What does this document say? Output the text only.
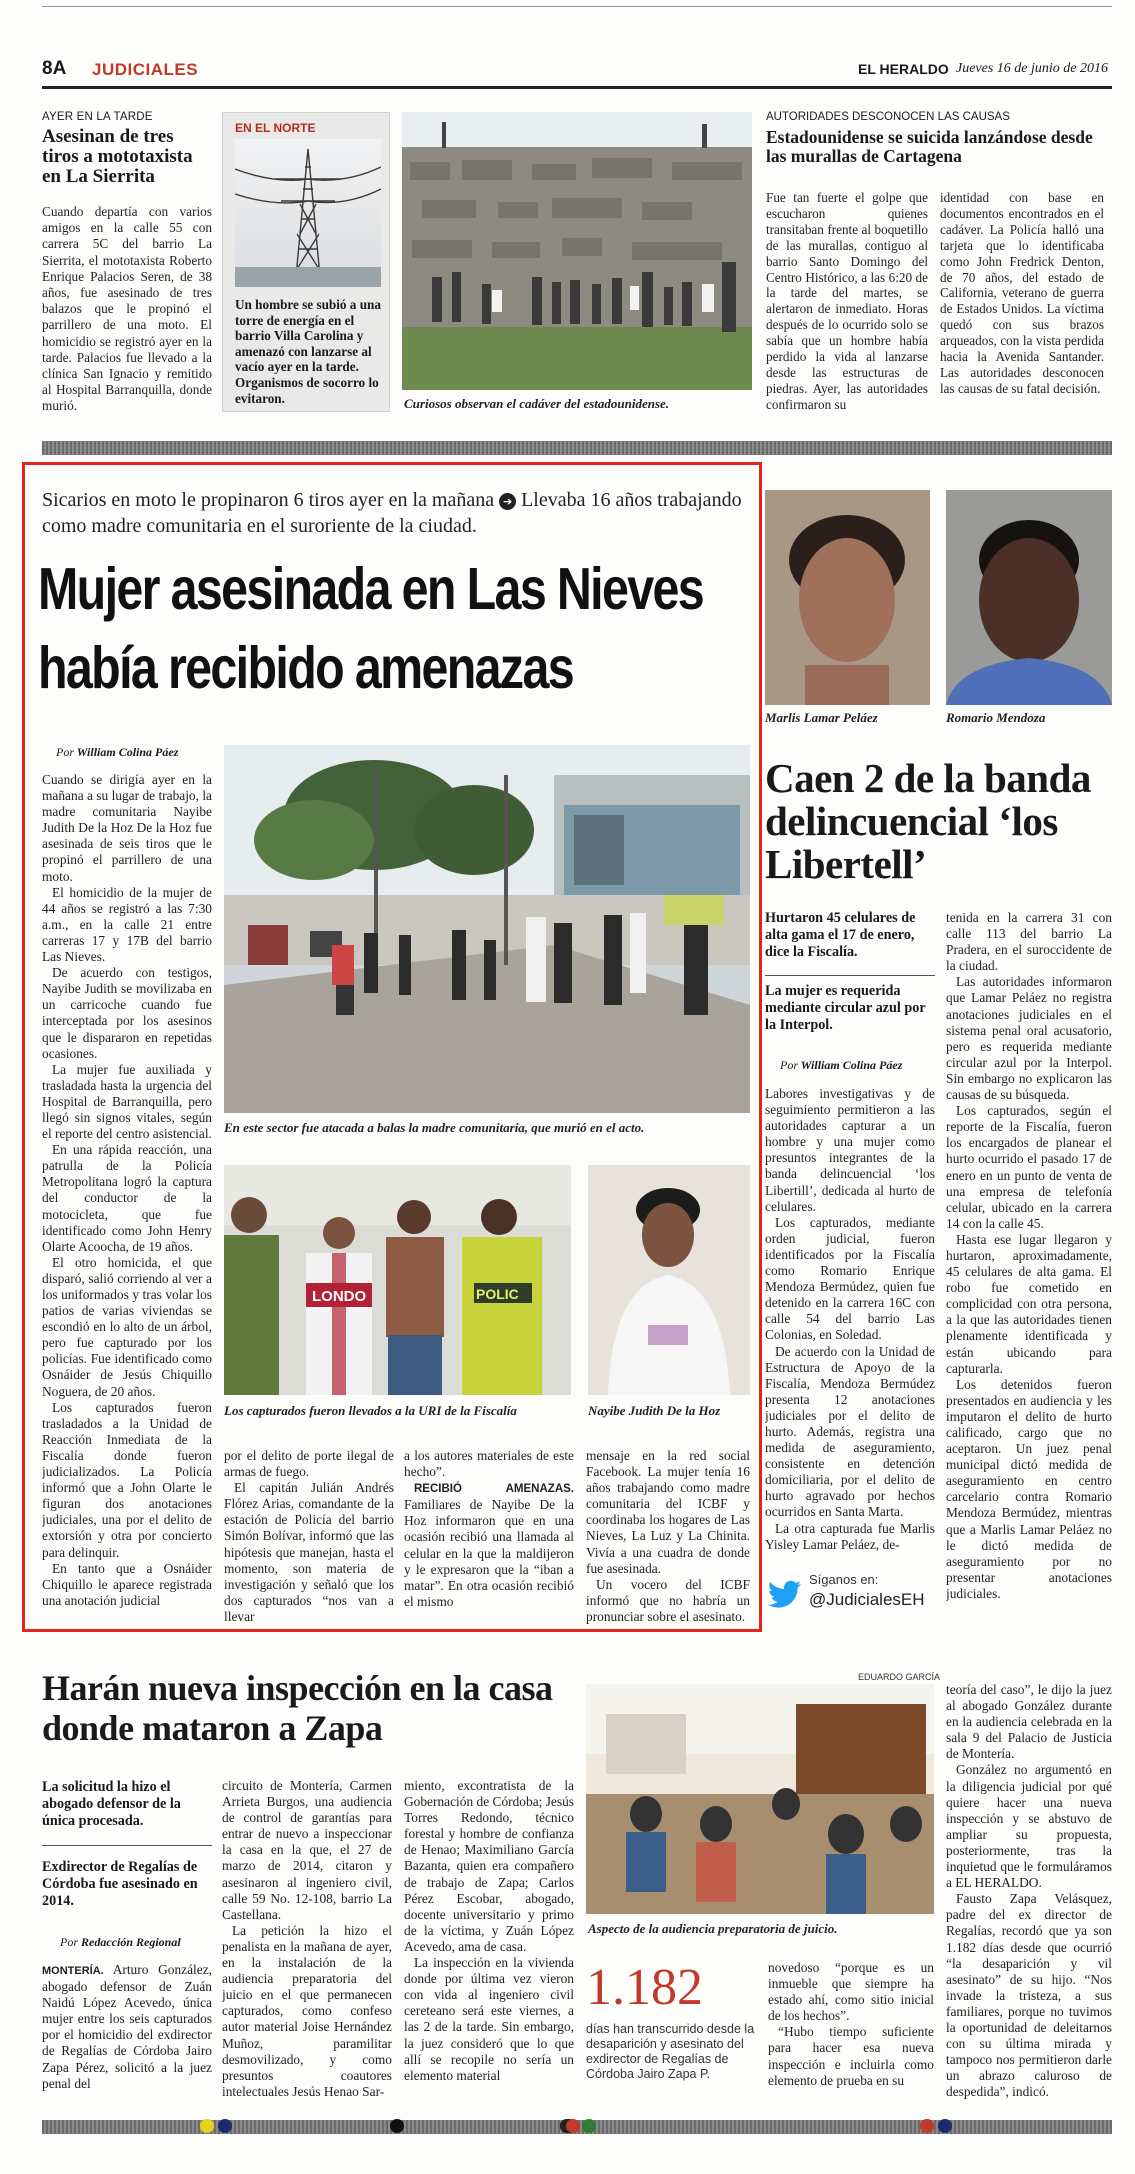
8A JUDICIALES	EL HERALDO Jueves 16 de junio de 2016
AYER EN LA TARDE
Asesinan de tres tiros a mototaxista en La Sierrita
Cuando departía con varios amigos en la calle 55 con carrera 5C del barrio La Sierrita, el mototaxista Roberto Enrique Palacios Seren, de 38 años, fue asesinado de tres balazos que le propinó el parrillero de una moto. El homicidio se registró ayer en la tarde. Palacios fue llevado a la clínica San Ignacio y remitido al Hospital Barranquilla, donde murió.
EN EL NORTE
Un hombre se subió a una torre de energía en el barrio Villa Carolina y amenazó con lanzarse al vacío ayer en la tarde. Organismos de socorro lo evitaron.	Curiosos observan el cadáver del estadounidense.
AUTORIDADES DESCONOCEN LAS CAUSAS
Estadounidense se suicida lanzándose desde las murallas de Cartagena
Fue tan fuerte el golpe que escucharon quienes transitaban frente al boquetillo de las murallas, contiguo al barrio Santo Domingo del Centro Histórico, a las 6:20 de la tarde del martes, se alertaron de inmediato. Horas después de lo ocurrido solo se sabía que un hombre había perdido la vida al lanzarse desde las estructuras de piedras. Ayer, las autoridades confirmaron su
identidad con base en documentos encontrados en el cadáver. La Policía halló una tarjeta que lo identificaba como John Fredrick Denton, de 70 años, del estado de California, veterano de guerra de Estados Unidos. La víctima quedó con sus brazos arqueados, con la vista perdida hacia la Avenida Santander. Las autoridades desconocen las causas de su fatal decisión.
Sicarios en moto le propinaron 6 tiros ayer en la mañana ➔ Llevaba 16 años trabajando como madre comunitaria en el suroriente de la ciudad.
Mujer asesinada en Las Nieves
había recibido amenazas
Por William Colina Páez

Cuando se dirigía ayer en la mañana a su lugar de trabajo, la madre comunitaria Nayibe Judith De la Hoz De la Hoz fue asesinada de seis tiros que le propinó el parrillero de una moto.

El homicidio de la mujer de 44 años se registró a las 7:30 a.m., en la calle 21 entre carreras 17 y 17B del barrio Las Nieves.

De acuerdo con testigos, Nayibe Judith se movilizaba en un carricoche cuando fue interceptada por los asesinos que le dispararon en repetidas ocasiones.

La mujer fue auxiliada y trasladada hasta la urgencia del Hospital de Barranquilla, pero llegó sin signos vitales, según el reporte del centro asistencial.

En una rápida reacción, una patrulla de la Policía Metropolitana logró la captura del conductor de la motocicleta, que fue identificado como John Henry Olarte Acoocha, de 19 años.

El otro homicida, el que disparó, salió corriendo al ver a los uniformados y tras volar los patios de varias viviendas se escondió en lo alto de un árbol, pero fue capturado por los policías. Fue identificado como Osnáider de Jesús Chiquillo Noguera, de 20 años.

Los capturados fueron trasladados a la Unidad de Reacción Inmediata de la Fiscalía donde fueron judicializados. La Policía informó que a John Olarte le figuran dos anotaciones judiciales, una por el delito de extorsión y otra por concierto para delinquir.

En tanto que a Osnáider Chiquillo le aparece registrada una anotación judicial

En este sector fue atacada a balas la madre comunitaria, que murió en el acto.
LONDO	POLIC
Los capturados fueron llevados a la URI de la Fiscalía	Nayibe Judith De la Hoz

por el delito de porte ilegal de armas de fuego.

El capitán Julián Andrés Flórez Arias, comandante de la estación de Policía del barrio Simón Bolívar, informó que las hipótesis que manejan, hasta el momento, son materia de investigación y señaló que los dos capturados “nos van a llevar

a los autores materiales de este hecho”.

RECIBIÓ AMENAZAS. Familiares de Nayibe De la Hoz informaron que en una ocasión recibió una llamada al celular en la que la maldijeron y le expresaron que la “iban a matar”. En otra ocasión recibió el mismo

mensaje en la red social Facebook. La mujer tenía 16 años trabajando como madre comunitaria del ICBF y coordinaba los hogares de Las Nieves, La Luz y La Chinita. Vivía a una cuadra de donde fue asesinada.

Un vocero del ICBF informó que no habría un pronunciar sobre el asesinato.

Marlis Lamar Peláez	Romario Mendoza
Caen 2 de la banda delincuencial ‘los Libertell’
Hurtaron 45 celulares de alta gama el 17 de enero, dice la Fiscalía.
La mujer es requerida mediante circular azul por la Interpol.
Por William Colina Páez

Labores investigativas y de seguimiento permitieron a las autoridades capturar a un hombre y una mujer como presuntos integrantes de la banda delincuencial ‘los Libertill’, dedicada al hurto de celulares.

Los capturados, mediante orden judicial, fueron identificados por la Fiscalía como Romario Enrique Mendoza Bermúdez, quien fue detenido en la carrera 16C con calle 54 del barrio Las Colonias, en Soledad.

De acuerdo con la Unidad de Estructura de Apoyo de la Fiscalía, Mendoza Bermúdez presenta 12 anotaciones judiciales por el delito de hurto. Además, registra una medida de aseguramiento, consistente en detención domiciliaria, por el delito de hurto agravado por hechos ocurridos en Santa Marta.

La otra capturada fue Marlis Yisley Lamar Peláez, de-

tenida en la carrera 31 con calle 113 del barrio La Pradera, en el suroccidente de la ciudad.

Las autoridades informaron que Lamar Peláez no registra anotaciones judiciales en el sistema penal oral acusatorio, pero es requerida mediante circular azul por la Interpol. Sin embargo no explicaron las causas de su búsqueda.

Los capturados, según el reporte de la Fiscalía, fueron los encargados de planear el hurto ocurrido el pasado 17 de enero en un punto de venta de una empresa de telefonía celular, ubicado en la carrera 14 con la calle 45.

Hasta ese lugar llegaron y hurtaron, aproximadamente, 45 celulares de alta gama. El robo fue cometido en complicidad con otra persona, a la que las autoridades tienen plenamente identificada y están ubicando para capturarla.

Los detenidos fueron presentados en audiencia y les imputaron el delito de hurto calificado, cargo que no aceptaron. Un juez penal municipal dictó medida de aseguramiento en centro carcelario contra Romario Mendoza Bermúdez, mientras que a Marlis Lamar Peláez no le dictó medida de aseguramiento por no presentar anotaciones judiciales.

Síganos en:
@JudicialesEH
Harán nueva inspección en la casa donde mataron a Zapa
La solicitud la hizo el abogado defensor de la única procesada.
Exdirector de Regalías de Córdoba fue asesinado en 2014.
Por Redacción Regional

MONTERÍA. Arturo González, abogado defensor de Zuán Naidú López Acevedo, única mujer entre los seis capturados por el homicidio del exdirector de Regalías de Córdoba Jairo Zapa Pérez, solicitó a la juez penal del

circuito de Montería, Carmen Arrieta Burgos, una audiencia de control de garantías para entrar de nuevo a inspeccionar la casa en la que, el 27 de marzo de 2014, citaron y asesinaron al ingeniero civil, calle 59 No. 12-108, barrio La Castellana.

La petición la hizo el penalista en la mañana de ayer, en la instalación de la audiencia preparatoria del juicio en el que permanecen capturados, como confeso autor material Joise Hernández Muñoz, paramilitar desmovilizado, y como presuntos coautores intelectuales Jesús Henao Sar-

miento, excontratista de la Gobernación de Córdoba; Jesús Torres Redondo, técnico forestal y hombre de confianza de Henao; Maximiliano García Bazanta, quien era compañero de trabajo de Zapa; Carlos Pérez Escobar, abogado, docente universitario y primo de la víctima, y Zuán López Acevedo, ama de casa.

La inspección en la vivienda donde por última vez vieron con vida al ingeniero civil cereteano será este viernes, a las 2 de la tarde. Sin embargo, la juez consideró que lo que allí se recopile no sería un elemento material

EDUARDO GARCÍA
Aspecto de la audiencia preparatoria de juicio.
1.182
días han transcurrido desde la desaparición y asesinato del exdirector de Regalías de Córdoba Jairo Zapa P.

novedoso “porque es un inmueble que siempre ha estado ahí, como sitio inicial de los hechos”.

“Hubo tiempo suficiente para hacer esa nueva inspección e incluirla como elemento de prueba en su

teoría del caso”, le dijo la juez al abogado González durante en la audiencia celebrada en la sala 9 del Palacio de Justicia de Montería.

González no argumentó en la diligencia judicial por qué quiere hacer una nueva inspección y se abstuvo de ampliar su propuesta, posteriormente, tras la inquietud que le formuláramos a EL HERALDO.

Fausto Zapa Velásquez, padre del ex director de Regalías, recordó que ya son 1.182 días desde que ocurrió “la desaparición y vil asesinato” de su hijo. “Nos invade la tristeza, a sus familiares, porque no tuvimos la oportunidad de deleitarnos con su última mirada y tampoco nos permitieron darle un abrazo caluroso de despedida”, indicó.
